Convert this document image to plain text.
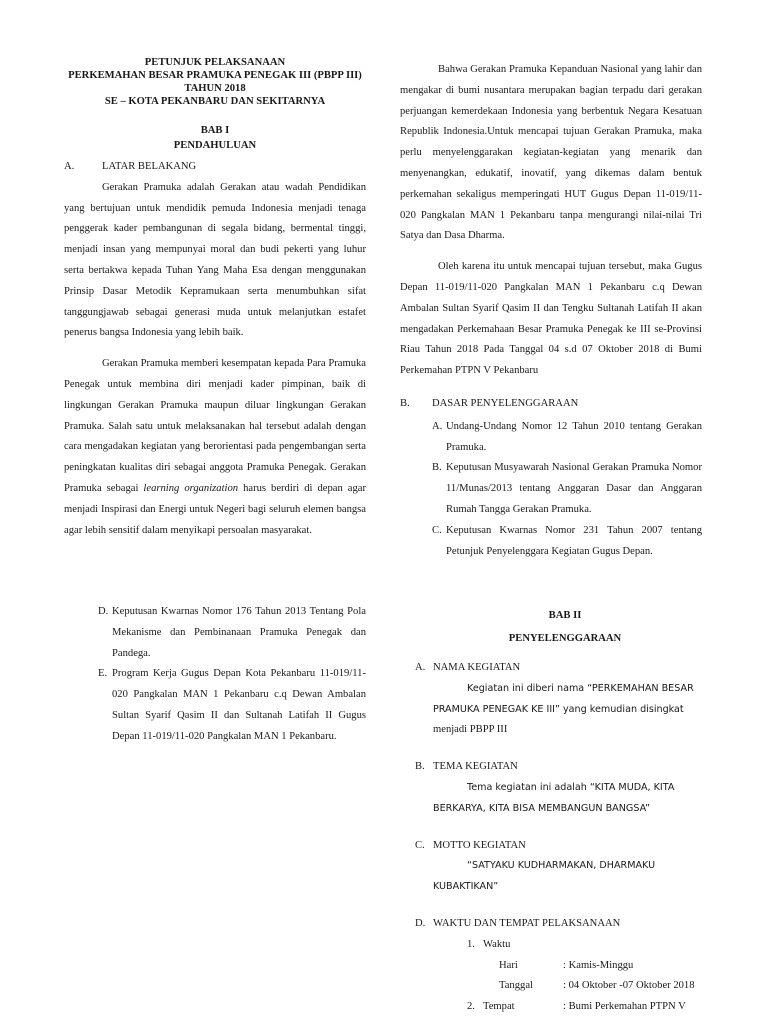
PETUNJUK PELAKSANAAN
PERKEMAHAN BESAR PRAMUKA PENEGAK III (PBPP III)
TAHUN 2018
SE – KOTA PEKANBARU DAN SEKITARNYA
BAB I
PENDAHULUAN
A.	LATAR BELAKANG

Gerakan Pramuka adalah Gerakan atau wadah Pendidikan yang bertujuan untuk mendidik pemuda Indonesia menjadi tenaga penggerak kader pembangunan di segala bidang, bermental tinggi, menjadi insan yang mempunyai moral dan budi pekerti yang luhur serta bertakwa kepada Tuhan Yang Maha Esa dengan menggunakan Prinsip Dasar Metodik Kepramukaan serta menumbuhkan sifat tanggungjawab sebagai generasi muda untuk melanjutkan estafet penerus bangsa Indonesia yang lebih baik.

Gerakan Pramuka memberi kesempatan kepada Para Pramuka Penegak untuk membina diri menjadi kader pimpinan, baik di lingkungan Gerakan Pramuka maupun diluar lingkungan Gerakan Pramuka. Salah satu untuk melaksanakan hal tersebut adalah dengan cara mengadakan kegiatan yang berorientasi pada pengembangan serta peningkatan kualitas diri sebagai anggota Pramuka Penegak. Gerakan Pramuka sebagai learning organization harus berdiri di depan agar menjadi Inspirasi dan Energi untuk Negeri bagi seluruh elemen bangsa agar lebih sensitif dalam menyikapi persoalan masyarakat.

Bahwa Gerakan Pramuka Kepanduan Nasional yang lahir dan mengakar di bumi nusantara merupakan bagian terpadu dari gerakan perjuangan kemerdekaan Indonesia yang berbentuk Negara Kesatuan Republik Indonesia.Untuk mencapai tujuan Gerakan Pramuka, maka perlu menyelenggarakan kegiatan-kegiatan yang menarik dan menyenangkan, edukatif, inovatif, yang dikemas dalam bentuk perkemahan sekaligus memperingati HUT Gugus Depan 11-019/11-020 Pangkalan MAN 1 Pekanbaru tanpa mengurangi nilai-nilai Tri Satya dan Dasa Dharma.

Oleh karena itu untuk mencapai tujuan tersebut, maka Gugus Depan 11-019/11-020 Pangkalan MAN 1 Pekanbaru c.q Dewan Ambalan Sultan Syarif Qasim II dan Tengku Sultanah Latifah II akan mengadakan Perkemahaan Besar Pramuka Penegak ke III se-Provinsi Riau Tahun 2018 Pada Tanggal 04 s.d 07 Oktober 2018 di Bumi Perkemahan PTPN V Pekanbaru

B.	DASAR PENYELENGGARAAN
A. Undang-Undang Nomor 12 Tahun 2010 tentang Gerakan Pramuka.
B. Keputusan Musyawarah Nasional Gerakan Pramuka Nomor 11/Munas/2013 tentang Anggaran Dasar dan Anggaran Rumah Tangga Gerakan Pramuka.
C. Keputusan Kwarnas Nomor 231 Tahun 2007 tentang Petunjuk Penyelenggara Kegiatan Gugus Depan.
D. Keputusan Kwarnas Nomor 176 Tahun 2013 Tentang Pola Mekanisme dan Pembinanaan Pramuka Penegak dan Pandega.
E. Program Kerja Gugus Depan Kota Pekanbaru 11-019/11-020 Pangkalan MAN 1 Pekanbaru c.q Dewan Ambalan Sultan Syarif Qasim II dan Sultanah Latifah II Gugus Depan 11-019/11-020 Pangkalan MAN 1 Pekanbaru.
BAB II
PENYELENGGARAAN
A. NAMA KEGIATAN
Kegiatan ini diberi nama “PERKEMAHAN BESAR PRAMUKA PENEGAK KE III” yang kemudian disingkat
menjadi PBPP III
B. TEMA KEGIATAN
Tema kegiatan ini adalah “KITA MUDA, KITA BERKARYA, KITA BISA MEMBANGUN BANGSA”
C. MOTTO KEGIATAN
“SATYAKU KUDHARMAKAN, DHARMAKU KUBAKTIKAN”
D. WAKTU DAN TEMPAT PELAKSANAAN
1. Waktu
Hari	: Kamis-Minggu
Tanggal	: 04 Oktober -07 Oktober 2018
2. Tempat	: Bumi Perkemahan PTPN V
